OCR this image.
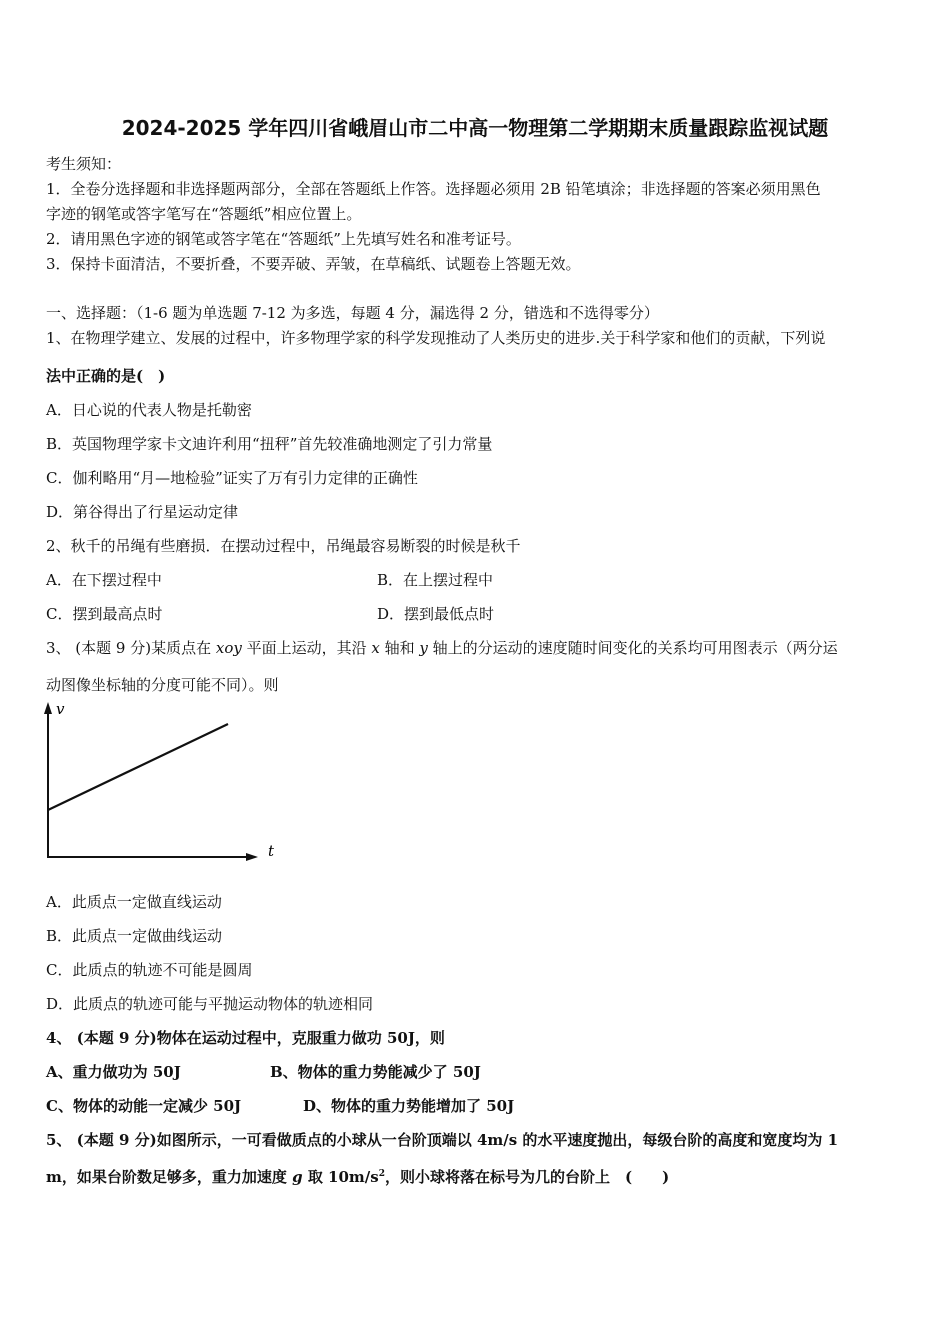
2024-2025 学年四川省峨眉山市二中高一物理第二学期期末质量跟踪监视试题
考生须知：
1．全卷分选择题和非选择题两部分，全部在答题纸上作答。选择题必须用 2B 铅笔填涂；非选择题的答案必须用黑色
字迹的钢笔或答字笔写在“答题纸”相应位置上。
2．请用黑色字迹的钢笔或答字笔在“答题纸”上先填写姓名和准考证号。
3．保持卡面清洁，不要折叠，不要弄破、弄皱，在草稿纸、试题卷上答题无效。
一、选择题：（1-6 题为单选题 7-12 为多选，每题 4 分，漏选得 2 分，错选和不选得零分）
1、在物理学建立、发展的过程中，许多物理学家的科学发现推动了人类历史的进步.关于科学家和他们的贡献，下列说
法中正确的是(　)
A．日心说的代表人物是托勒密
B．英国物理学家卡文迪许利用“扭秤”首先较准确地测定了引力常量
C．伽利略用“月—地检验”证实了万有引力定律的正确性
D．第谷得出了行星运动定律
2、秋千的吊绳有些磨损．在摆动过程中，吊绳最容易断裂的时候是秋千
A．在下摆过程中	B．在上摆过程中
C．摆到最高点时	D．摆到最低点时
3、 (本题 9 分)某质点在 xoy 平面上运动，其沿 x 轴和 y 轴上的分运动的速度随时间变化的关系均可用图表示（两分运
动图像坐标轴的分度可能不同）。则
v
t
A．此质点一定做直线运动
B．此质点一定做曲线运动
C．此质点的轨迹不可能是圆周
D．此质点的轨迹可能与平抛运动物体的轨迹相同
4、 (本题 9 分)物体在运动过程中，克服重力做功 50J，则
A、重力做功为 50J	B、物体的重力势能减少了 50J
C、物体的动能一定减少 50J	D、物体的重力势能增加了 50J
5、 (本题 9 分)如图所示，一可看做质点的小球从一台阶顶端以 4m/s 的水平速度抛出，每级台阶的高度和宽度均为 1
m，如果台阶数足够多，重力加速度 g 取 $10m/s^2$，则小球将落在标号为几的台阶上　(　　)
